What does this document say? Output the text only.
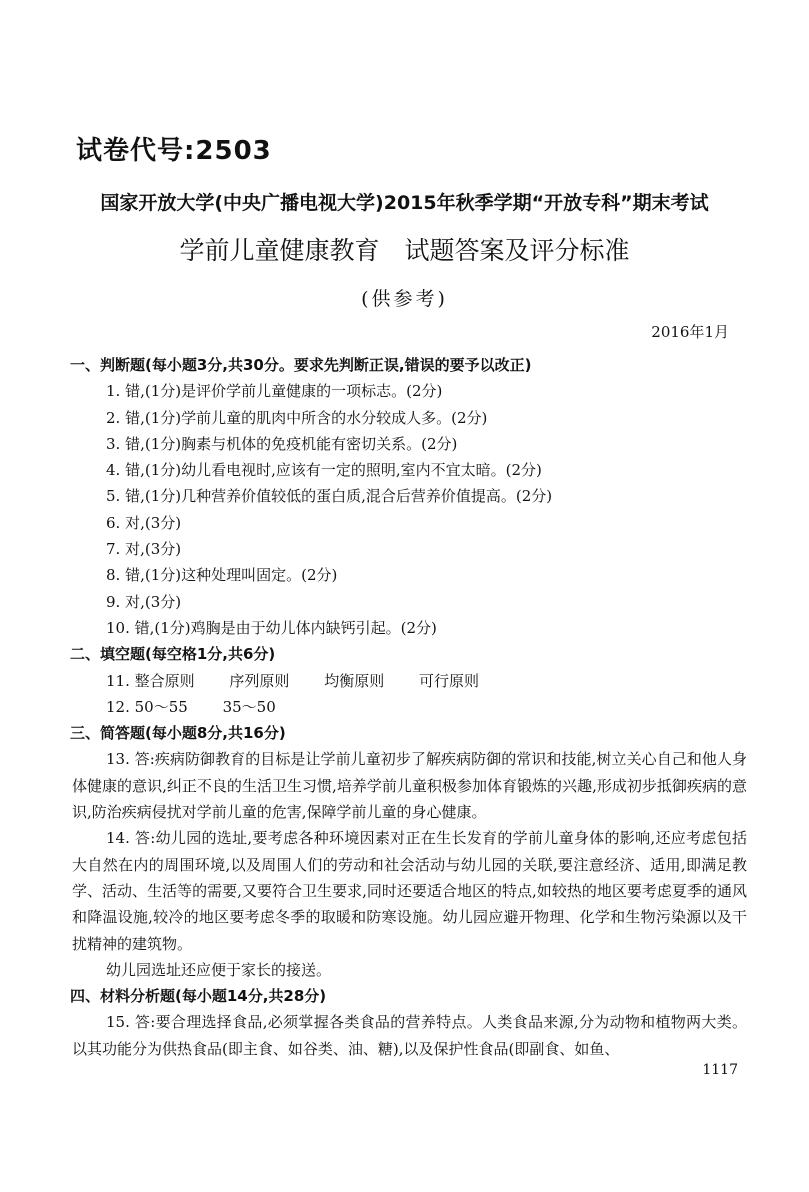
试卷代号:2503
国家开放大学(中央广播电视大学)2015年秋季学期“开放专科”期末考试
学前儿童健康教育　试题答案及评分标准
(供参考)
2016年1月
一、判断题(每小题3分,共30分。要求先判断正误,错误的要予以改正)
1. 错,(1分)是评价学前儿童健康的一项标志。(2分)
2. 错,(1分)学前儿童的肌肉中所含的水分较成人多。(2分)
3. 错,(1分)胸素与机体的免疫机能有密切关系。(2分)
4. 错,(1分)幼儿看电视时,应该有一定的照明,室内不宜太暗。(2分)
5. 错,(1分)几种营养价值较低的蛋白质,混合后营养价值提高。(2分)
6. 对,(3分)
7. 对,(3分)
8. 错,(1分)这种处理叫固定。(2分)
9. 对,(3分)
10. 错,(1分)鸡胸是由于幼儿体内缺钙引起。(2分)
二、填空题(每空格1分,共6分)
11. 整合原则 序列原则 均衡原则 可行原则
12. 50～55 35～50
三、简答题(每小题8分,共16分)
13. 答:疾病防御教育的目标是让学前儿童初步了解疾病防御的常识和技能,树立关心自己和他人身体健康的意识,纠正不良的生活卫生习惯,培养学前儿童积极参加体育锻炼的兴趣,形成初步抵御疾病的意识,防治疾病侵扰对学前儿童的危害,保障学前儿童的身心健康。
14. 答:幼儿园的选址,要考虑各种环境因素对正在生长发育的学前儿童身体的影响,还应考虑包括大自然在内的周围环境,以及周围人们的劳动和社会活动与幼儿园的关联,要注意经济、适用,即满足教学、活动、生活等的需要,又要符合卫生要求,同时还要适合地区的特点,如较热的地区要考虑夏季的通风和降温设施,较冷的地区要考虑冬季的取暖和防寒设施。幼儿园应避开物理、化学和生物污染源以及干扰精神的建筑物。
幼儿园选址还应便于家长的接送。
四、材料分析题(每小题14分,共28分)
15. 答:要合理选择食品,必须掌握各类食品的营养特点。人类食品来源,分为动物和植物两大类。以其功能分为供热食品(即主食、如谷类、油、糖),以及保护性食品(即副食、如鱼、
1117
